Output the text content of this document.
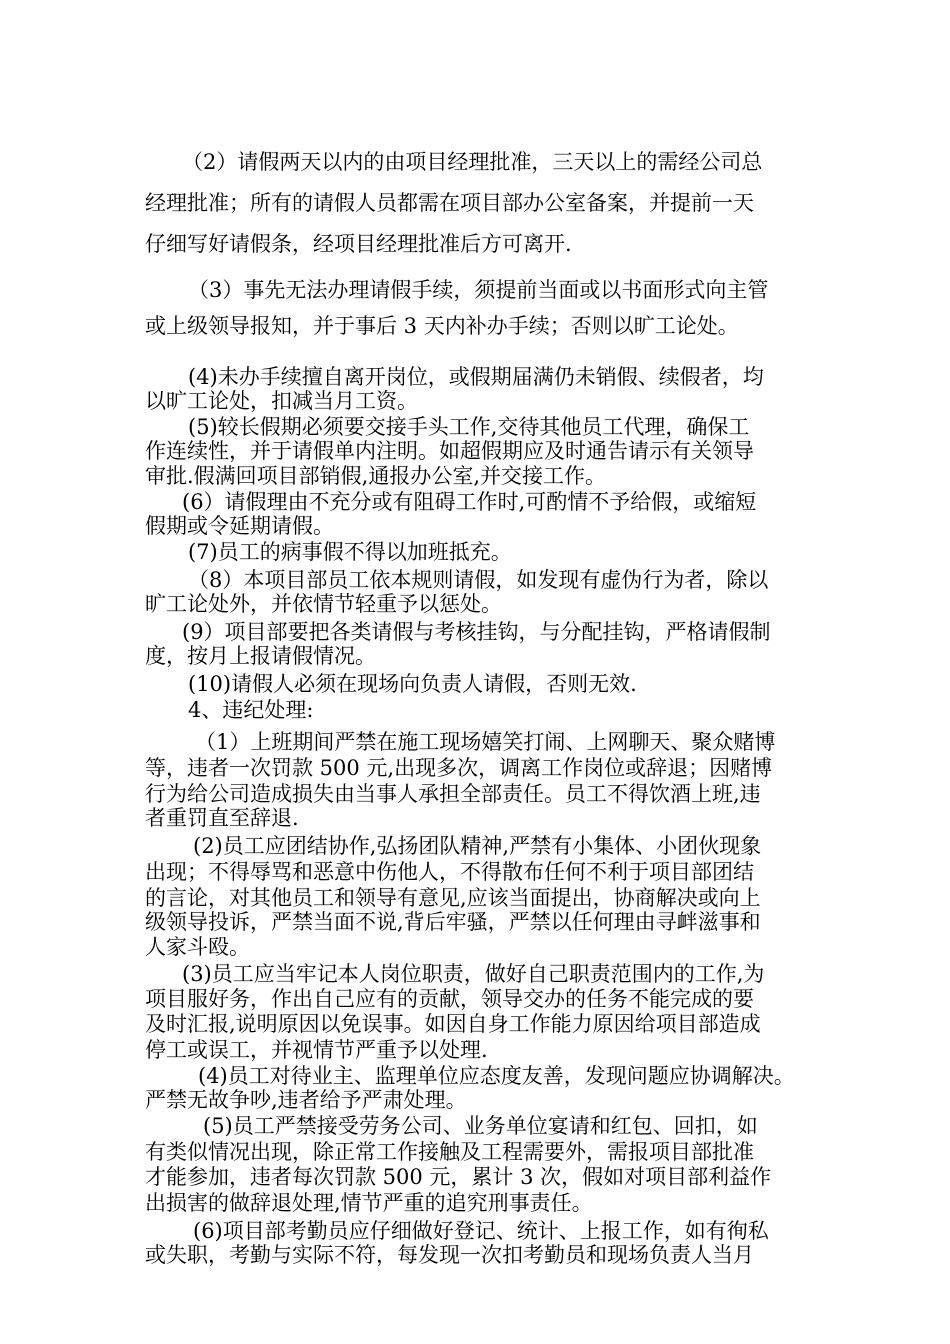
（2）请假两天以内的由项目经理批准，三天以上的需经公司总

经理批准；所有的请假人员都需在项目部办公室备案，并提前一天

仔细写好请假条，经项目经理批准后方可离开.

（3）事先无法办理请假手续，须提前当面或以书面形式向主管

或上级领导报知，并于事后 3 天内补办手续；否则以旷工论处。

(4)未办手续擅自离开岗位，或假期届满仍未销假、续假者，均

以旷工论处，扣减当月工资。

(5)较长假期必须要交接手头工作,交待其他员工代理，确保工

作连续性，并于请假单内注明。如超假期应及时通告请示有关领导

审批.假满回项目部销假,通报办公室,并交接工作。

(6）请假理由不充分或有阻碍工作时,可酌情不予给假，或缩短

假期或令延期请假。

(7)员工的病事假不得以加班抵充。

（8）本项目部员工依本规则请假，如发现有虚伪行为者，除以

旷工论处外，并依情节轻重予以惩处。

(9）项目部要把各类请假与考核挂钩，与分配挂钩，严格请假制

度，按月上报请假情况。

(10)请假人必须在现场向负责人请假，否则无效.

4、违纪处理:

（1）上班期间严禁在施工现场嬉笑打闹、上网聊天、聚众赌博

等，违者一次罚款 500 元,出现多次，调离工作岗位或辞退；因赌博

行为给公司造成损失由当事人承担全部责任。员工不得饮酒上班,违

者重罚直至辞退.

(2)员工应团结协作,弘扬团队精神,严禁有小集体、小团伙现象

出现；不得辱骂和恶意中伤他人，不得散布任何不利于项目部团结

的言论，对其他员工和领导有意见,应该当面提出，协商解决或向上

级领导投诉，严禁当面不说,背后牢骚，严禁以任何理由寻衅滋事和

人家斗殴。

(3)员工应当牢记本人岗位职责，做好自己职责范围内的工作,为

项目服好务，作出自己应有的贡献，领导交办的任务不能完成的要

及时汇报,说明原因以免误事。如因自身工作能力原因给项目部造成

停工或误工，并视情节严重予以处理.

(4)员工对待业主、监理单位应态度友善，发现问题应协调解决。

严禁无故争吵,违者给予严肃处理。

(5)员工严禁接受劳务公司、业务单位宴请和红包、回扣，如

有类似情况出现，除正常工作接触及工程需要外，需报项目部批准

才能参加，违者每次罚款 500 元，累计 3 次，假如对项目部利益作

出损害的做辞退处理,情节严重的追究刑事责任。

(6)项目部考勤员应仔细做好登记、统计、上报工作，如有徇私

或失职，考勤与实际不符，每发现一次扣考勤员和现场负责人当月
